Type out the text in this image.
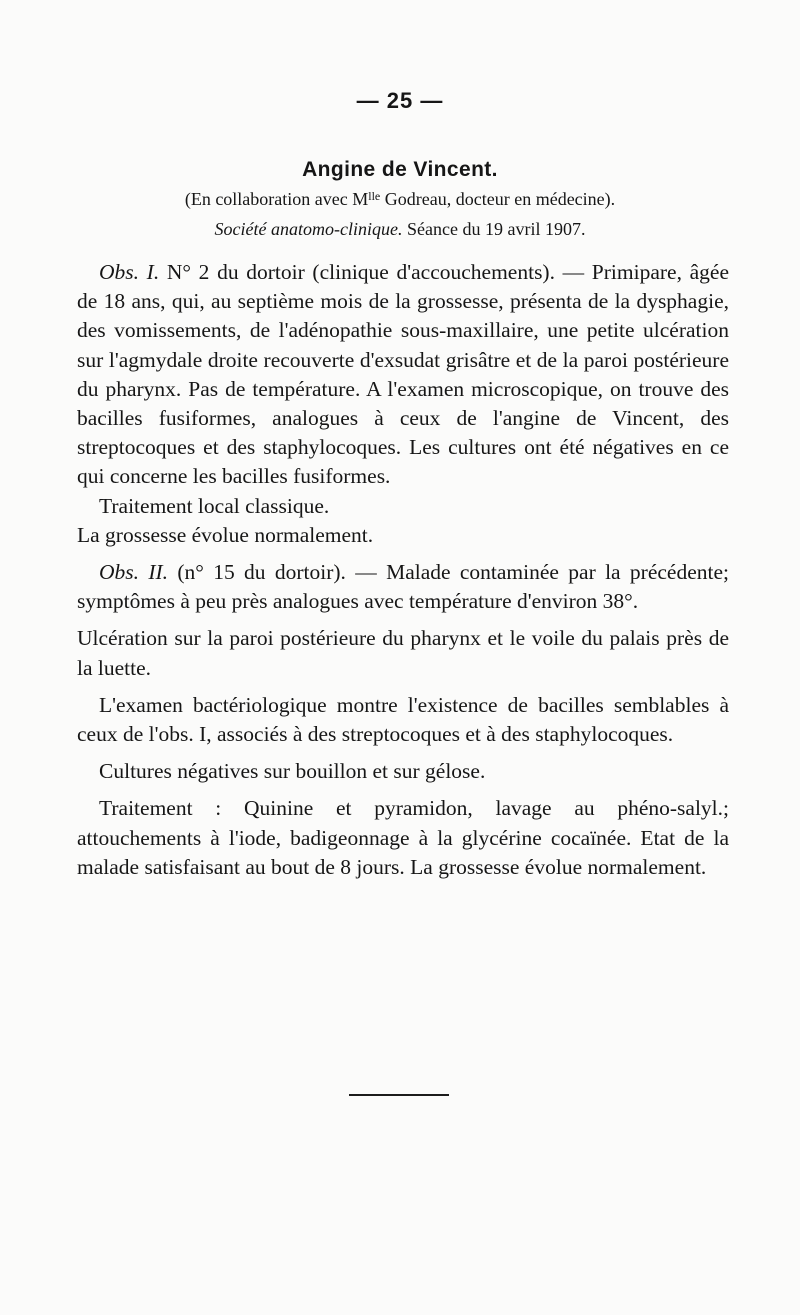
— 25 —
Angine de Vincent.
(En collaboration avec $M^{lle}$ Godreau, docteur en médecine).
Société anatomo-clinique. Séance du 19 avril 1907.

Obs. I. N° 2 du dortoir (clinique d'accouchements). — Primipare, âgée de 18 ans, qui, au septième mois de la grossesse, présenta de la dysphagie, des vomissements, de l'adénopathie sous-maxillaire, une petite ulcération sur l'agmydale droite recouverte d'exsudat grisâtre et de la paroi postérieure du pharynx. Pas de température. A l'examen microscopique, on trouve des bacilles fusiformes, analogues à ceux de l'angine de Vincent, des streptocoques et des staphylocoques. Les cultures ont été négatives en ce qui concerne les bacilles fusiformes.

Traitement local classique.

La grossesse évolue normalement.

Obs. II. (n° 15 du dortoir). — Malade contaminée par la précédente; symptômes à peu près analogues avec température d'environ 38°.

Ulcération sur la paroi postérieure du pharynx et le voile du palais près de la luette.

L'examen bactériologique montre l'existence de bacilles semblables à ceux de l'obs. I, associés à des streptocoques et à des staphylocoques.

Cultures négatives sur bouillon et sur gélose.

Traitement : Quinine et pyramidon, lavage au phéno-salyl.; attouchements à l'iode, badigeonnage à la glycérine cocaïnée. Etat de la malade satisfaisant au bout de 8 jours. La grossesse évolue normalement.
